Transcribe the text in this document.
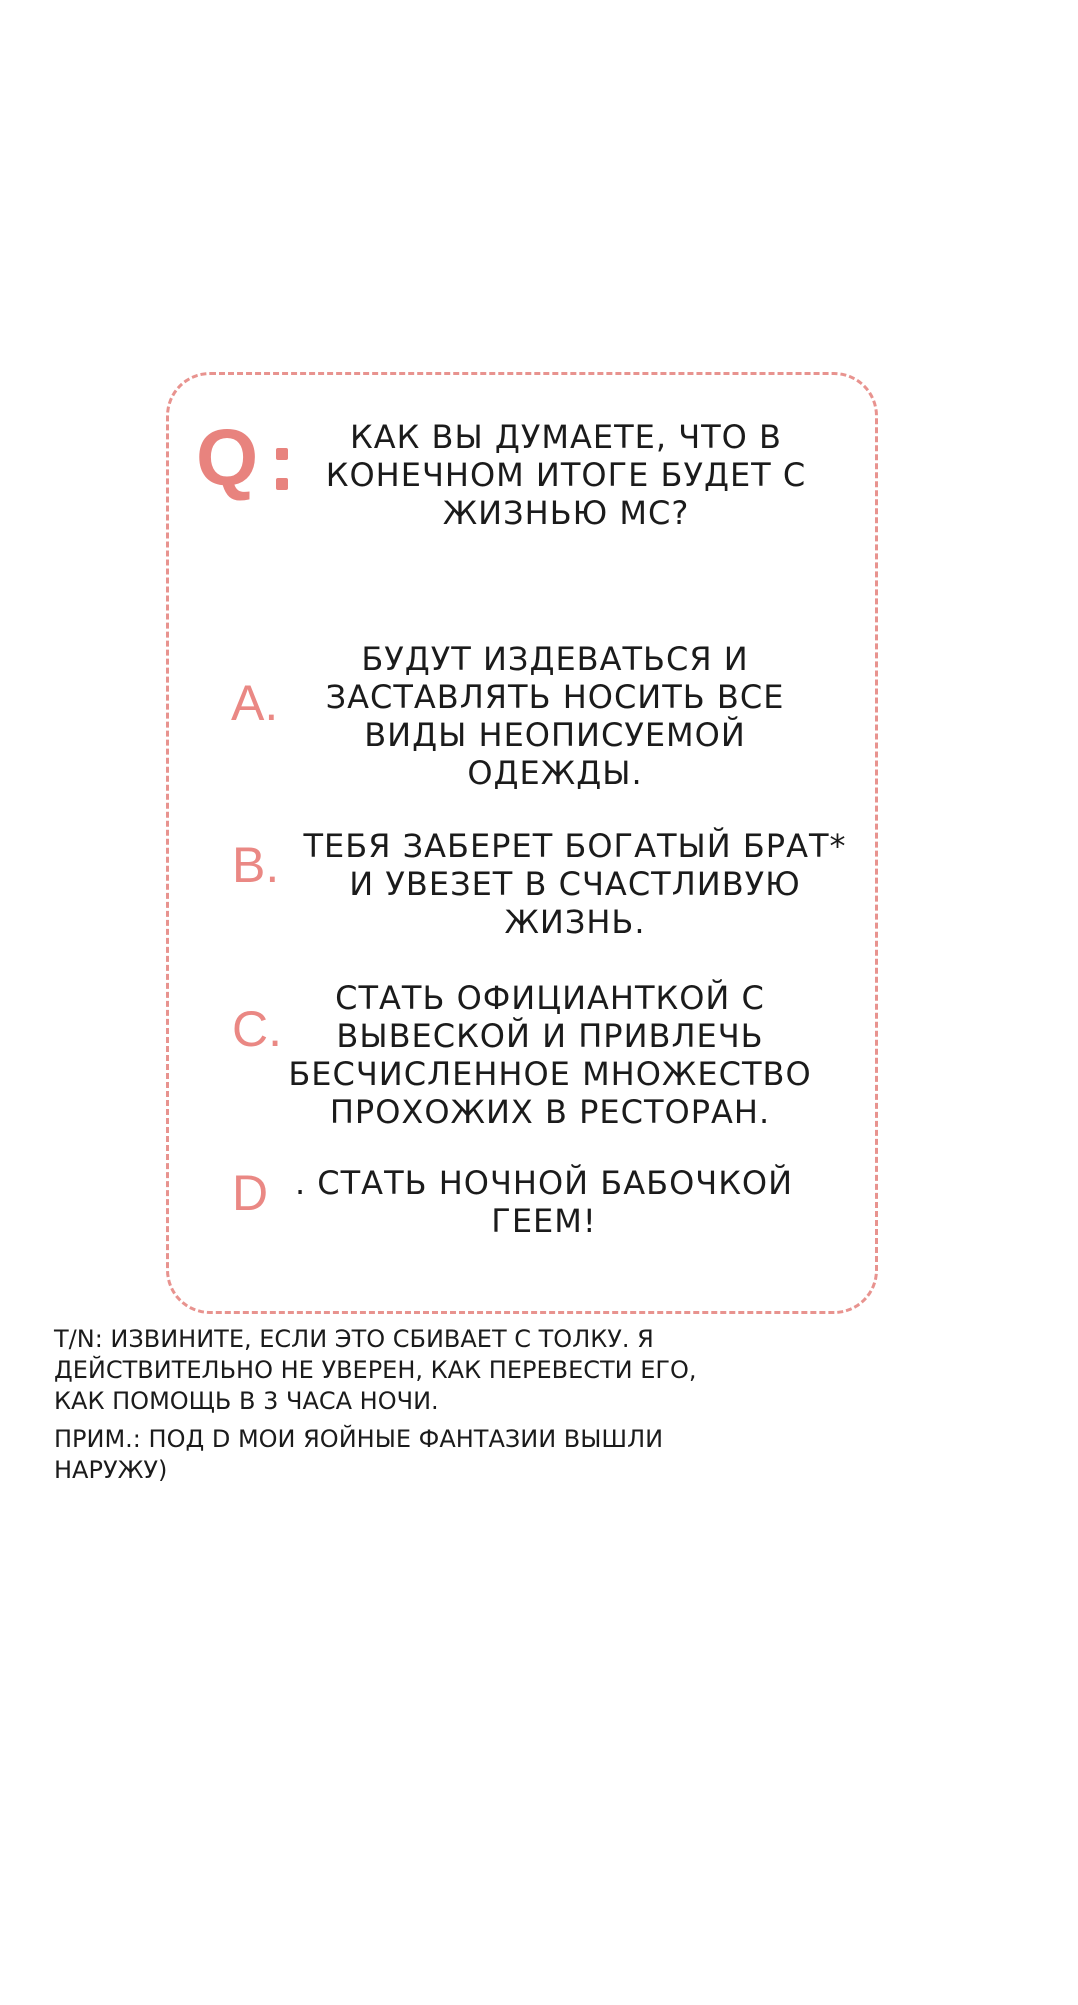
Q	КАК ВЫ ДУМАЕТЕ, ЧТО В
КОНЕЧНОМ ИТОГЕ БУДЕТ С
ЖИЗНЬЮ МС?
A.
БУДУТ ИЗДЕВАТЬСЯ И
ЗАСТАВЛЯТЬ НОСИТЬ ВСЕ
ВИДЫ НЕОПИСУЕМОЙ
ОДЕЖДЫ.
B. ТЕБЯ ЗАБЕРЕТ БОГАТЫЙ БРАТ*
И УВЕЗЕТ В СЧАСТЛИВУЮ
ЖИЗНЬ.
C.
СТАТЬ ОФИЦИАНТКОЙ С
ВЫВЕСКОЙ И ПРИВЛЕЧЬ
БЕСЧИСЛЕННОЕ МНОЖЕСТВО
ПРОХОЖИХ В РЕСТОРАН.
D . СТАТЬ НОЧНОЙ БАБОЧКОЙ
ГЕЕМ!
T/N: ИЗВИНИТЕ, ЕСЛИ ЭТО СБИВАЕТ С ТОЛКУ. Я
ДЕЙСТВИТЕЛЬНО НЕ УВЕРЕН, КАК ПЕРЕВЕСТИ ЕГО,
КАК ПОМОЩЬ В 3 ЧАСА НОЧИ.
ПРИМ.: ПОД D МОИ ЯОЙНЫЕ ФАНТАЗИИ ВЫШЛИ
НАРУЖУ)
